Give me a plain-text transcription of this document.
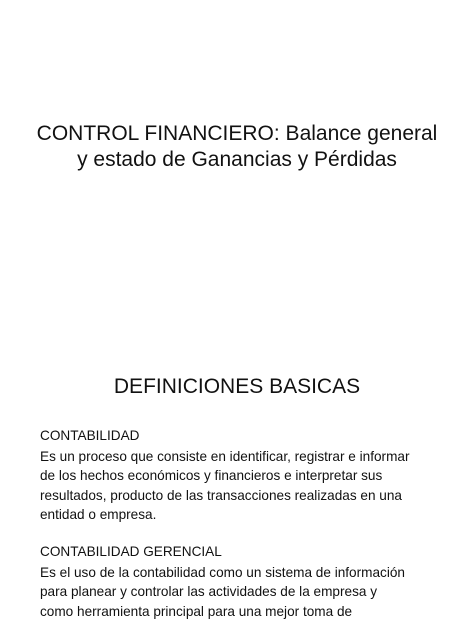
CONTROL FINANCIERO: Balance general
y estado de Ganancias y Pérdidas
DEFINICIONES BASICAS
CONTABILIDAD
Es un proceso que consiste en identificar, registrar e informar
de los hechos económicos y financieros e interpretar sus
resultados, producto de las transacciones realizadas en una
entidad o empresa.
CONTABILIDAD GERENCIAL
Es el uso de la contabilidad como un sistema de información
para planear y controlar las actividades de la empresa y
como herramienta principal para una mejor toma de
